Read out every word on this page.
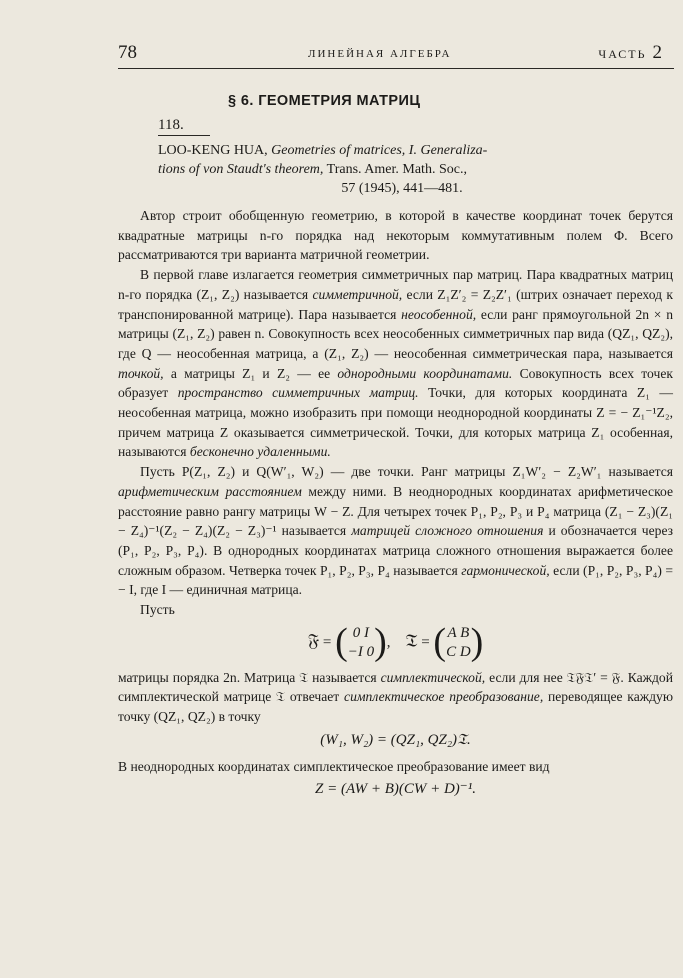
78	ЛИНЕЙНАЯ АЛГЕБРА	ЧАСТЬ 2
§ 6. ГЕОМЕТРИЯ МАТРИЦ
118.
LOO-KENG HUA, Geometries of matrices, I. Generaliza-
tions of von Staudt's theorem, Trans. Amer. Math. Soc.,
57 (1945), 441—481.

Автор строит обобщенную геометрию, в которой в качестве координат точек берутся квадратные матрицы n-го порядка над некоторым коммутативным полем Φ. Всего рассматриваются три варианта матричной геометрии.

В первой главе излагается геометрия симметричных пар матриц. Пара квадратных матриц n-го порядка (Z₁, Z₂) называется симметричной, если Z₁Z′₂ = Z₂Z′₁ (штрих означает переход к транспонированной матрице). Пара называется неособенной, если ранг прямоугольной 2n × n матрицы (Z₁, Z₂) равен n. Совокупность всех неособенных симметричных пар вида (QZ₁, QZ₂), где Q — неособенная матрица, а (Z₁, Z₂) — неособенная симметрическая пара, называется точкой, а матрицы Z₁ и Z₂ — ее однородными координатами. Совокупность всех точек образует пространство симметричных матриц. Точки, для которых координата Z₁ — неособенная матрица, можно изобразить при помощи неоднородной координаты Z = − Z₁⁻¹Z₂, причем матрица Z оказывается симметрической. Точки, для которых матрица Z₁ особенная, называются бесконечно удаленными.

Пусть P(Z₁, Z₂) и Q(W′₁, W₂) — две точки. Ранг матрицы Z₁W′₂ − Z₂W′₁ называется арифметическим расстоянием между ними. В неоднородных координатах арифметическое расстояние равно рангу матрицы W − Z. Для четырех точек P₁, P₂, P₃ и P₄ матрица (Z₁ − Z₃)(Z₁ − Z₄)⁻¹(Z₂ − Z₄)(Z₂ − Z₃)⁻¹ называется матрицей сложного отношения и обозначается через (P₁, P₂, P₃, P₄). В однородных координатах матрица сложного отношения выражается более сложным образом. Четверка точек P₁, P₂, P₃, P₄ называется гармонической, если (P₁, P₂, P₃, P₄) = − I, где I — единичная матрица.

Пусть

𝔉 = ( 0 I
−I 0 ),    𝔗 = ( A B
C D )

матрицы порядка 2n. Матрица 𝔗 называется симплектической, если для нее 𝔗𝔉𝔗′ = 𝔉. Каждой симплектической матрице 𝔗 отвечает симплектическое преобразование, переводящее каждую точку (QZ₁, QZ₂) в точку

(W₁, W₂) = (QZ₁, QZ₂)𝔗.

В неоднородных координатах симплектическое преобразование имеет вид

Z = (AW + B)(CW + D)⁻¹.
